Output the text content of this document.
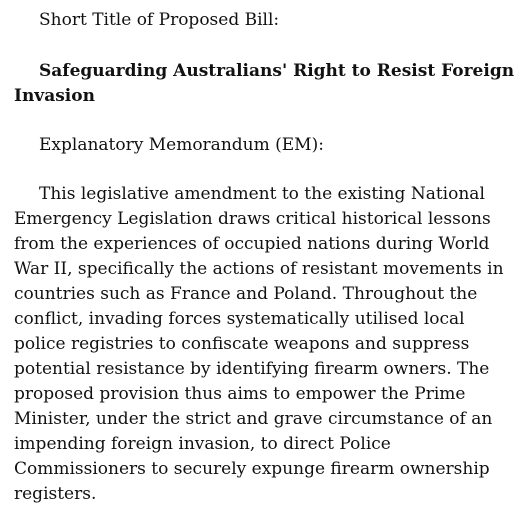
Short Title of Proposed Bill:

Safeguarding Australians' Right to Resist Foreign Invasion

Explanatory Memorandum (EM):

This legislative amendment to the existing National Emergency Legislation draws critical historical lessons from the experiences of occupied nations during World War II, specifically the actions of resistant movements in countries such as France and Poland. Throughout the conflict, invading forces systematically utilised local police registries to confiscate weapons and suppress potential resistance by identifying firearm owners. The proposed provision thus aims to empower the Prime Minister, under the strict and grave circumstance of an impending foreign invasion, to direct Police Commissioners to securely expunge firearm ownership registers.
